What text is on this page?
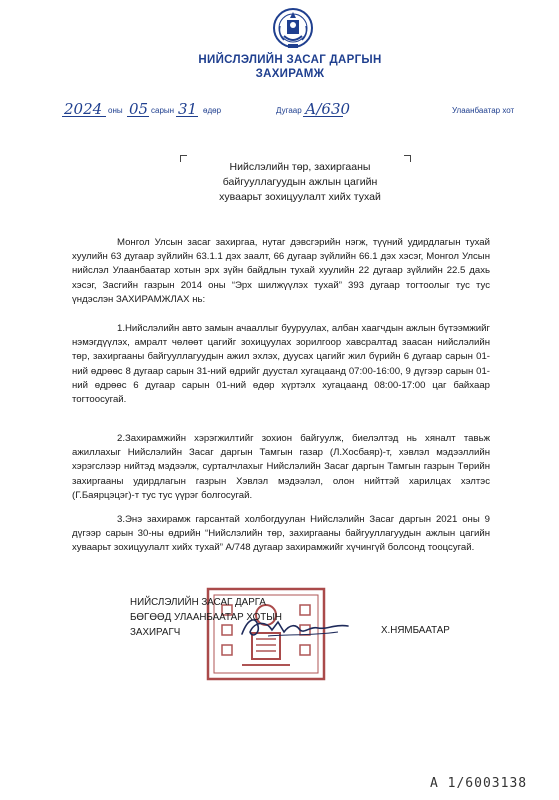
НИЙСЛЭЛИЙН ЗАСАГ ДАРГЫН
ЗАХИРАМЖ
2024 оны 05 сарын 31 өдөр	Дугаар А/630	Улаанбаатар хот
Нийслэлийн төр, захиргааны
байгууллагуудын ажлын цагийн
хуваарьт зохицуулалт хийх тухай
Монгол Улсын засаг захиргаа, нутаг дэвсгэрийн нэгж, түүний удирдлагын тухай хуулийн 63 дугаар зүйлийн 63.1.1 дэх заалт, 66 дугаар зүйлийн 66.1 дэх хэсэг, Монгол Улсын нийслэл Улаанбаатар хотын эрх зүйн байдлын тухай хуулийн 22 дугаар зүйлийн 22.5 дахь хэсэг, Засгийн газрын 2014 оны “Эрх шилжүүлэх тухай” 393 дугаар тогтоолыг тус тус үндэслэн ЗАХИРАМЖЛАХ нь:
1.Нийслэлийн авто замын ачааллыг бууруулах, албан хаагчдын ажлын бүтээмжийг нэмэгдүүлэх, амралт чөлөөт цагийг зохицуулах зорилгоор хавсралтад заасан нийслэлийн төр, захиргааны байгууллагуудын ажил эхлэх, дуусах цагийг жил бүрийн 6 дугаар сарын 01-ний өдрөөс 8 дугаар сарын 31-ний өдрийг дуустал хугацаанд 07:00-16:00, 9 дүгээр сарын 01-ний өдрөөс 6 дугаар сарын 01-ний өдөр хүртэлх хугацаанд 08:00-17:00 цаг байхаар тогтоосугай.
2.Захирамжийн хэрэгжилтийг зохион байгуулж, биелэлтэд нь хяналт тавьж ажиллахыг Нийслэлийн Засаг даргын Тамгын газар (Л.Хосбаяр)-т, хэвлэл мэдээллийн хэрэгслээр нийтэд мэдээлж, сурталчлахыг Нийслэлийн Засаг даргын Тамгын газрын Төрийн захиргааны удирдлагын газрын Хэвлэл мэдээлэл, олон нийттэй харилцах хэлтэс (Г.Баярцэцэг)-т тус тус үүрэг болгосугай.
3.Энэ захирамж гарсантай холбогдуулан Нийслэлийн Засаг даргын 2021 оны 9 дүгээр сарын 30-ны өдрийн “Нийслэлийн төр, захиргааны байгууллагуудын ажлын цагийн хуваарьт зохицуулалт хийх тухай” А/748 дугаар захирамжийг хүчингүй болсонд тооцсугай.
НИЙСЛЭЛИЙН ЗАСАГ ДАРГА
БӨГӨӨД УЛААНБААТАР ХОТЫН
ЗАХИРАГЧ	Х.НЯМБААТАР
А 1/6003138
